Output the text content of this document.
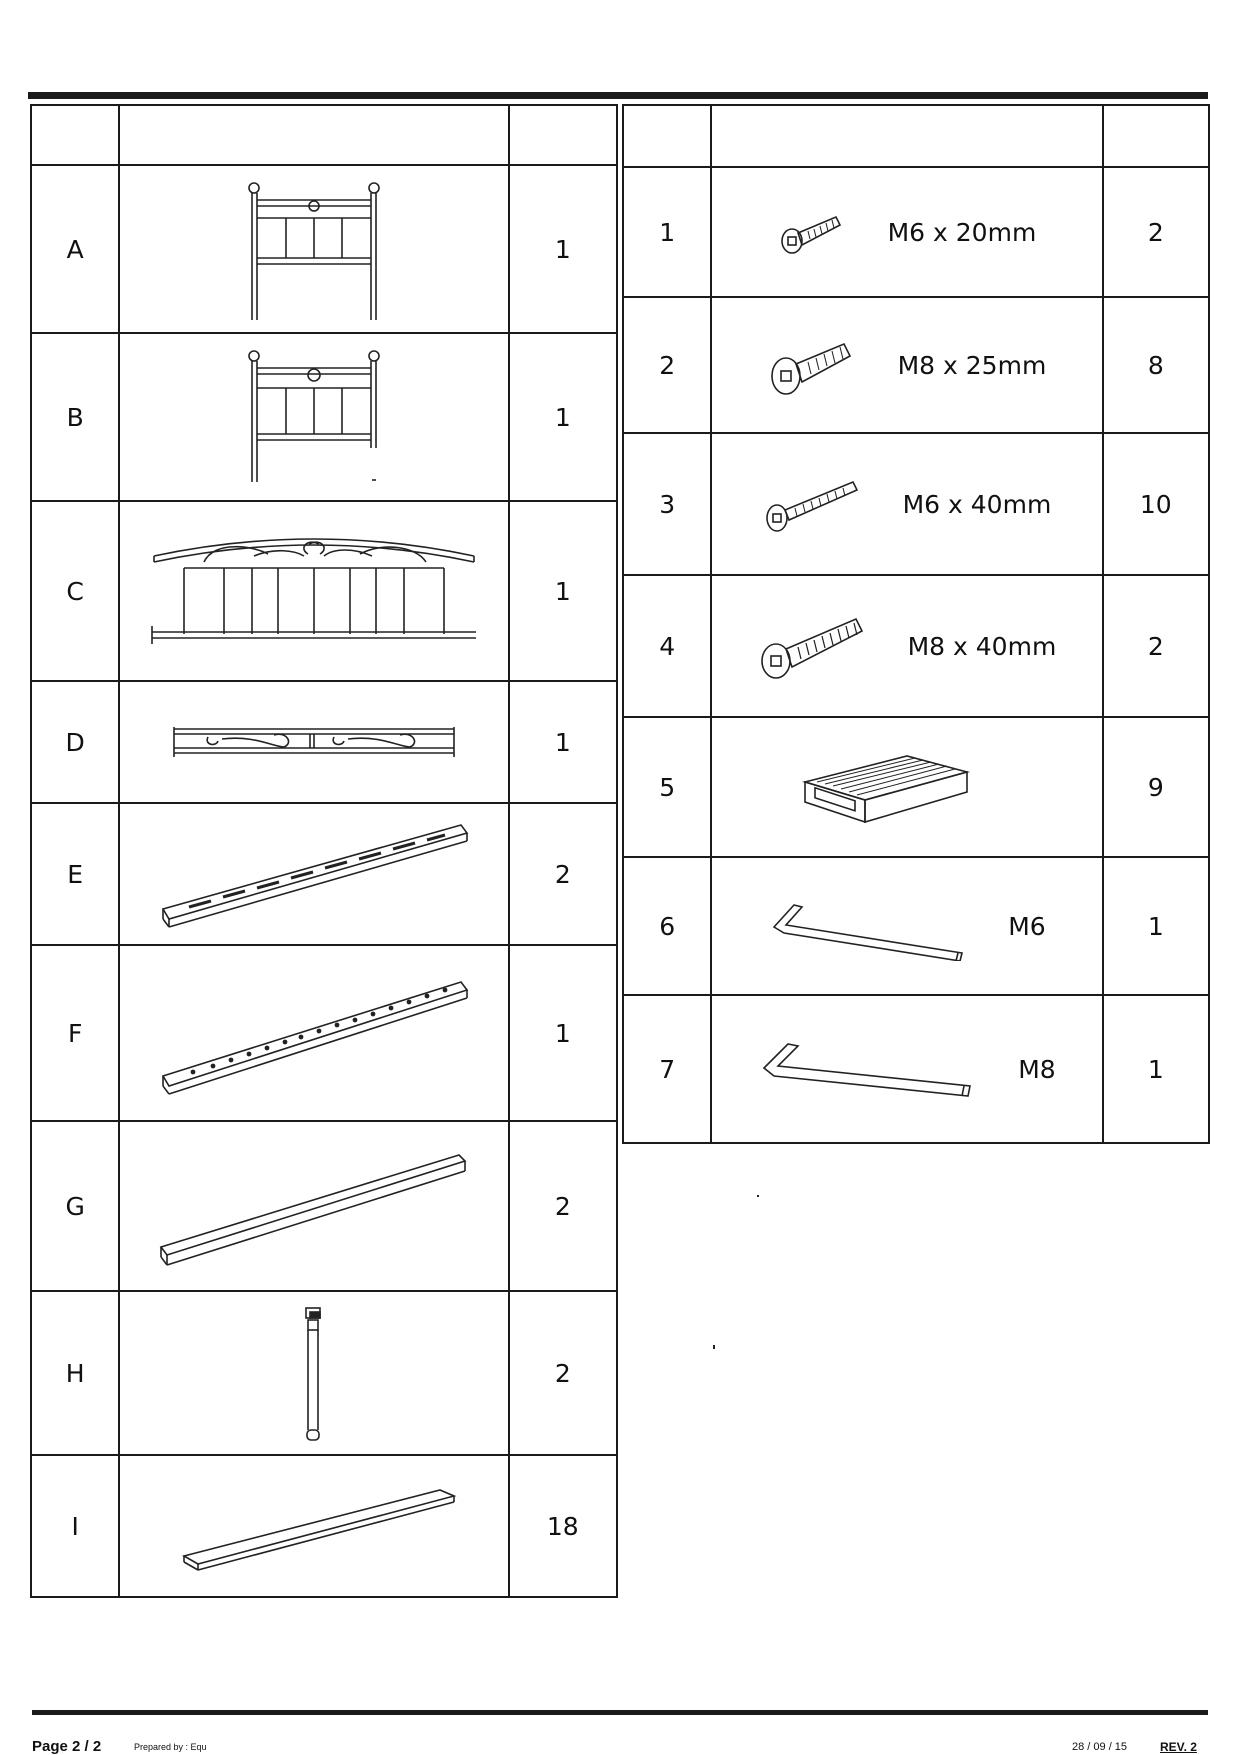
A		1
B		1
C		1
D		1
E		2
F		1
G		2
H		2
I		18

1	M6 x 20mm	2
2	M8 x 25mm	8
3	M6 x 40mm	10
4	M8 x 40mm	2
5		9
6	M6	1
7	M8	1
Page 2 / 2	Prepared by : Equ	28 / 09 / 15	REV. 2
